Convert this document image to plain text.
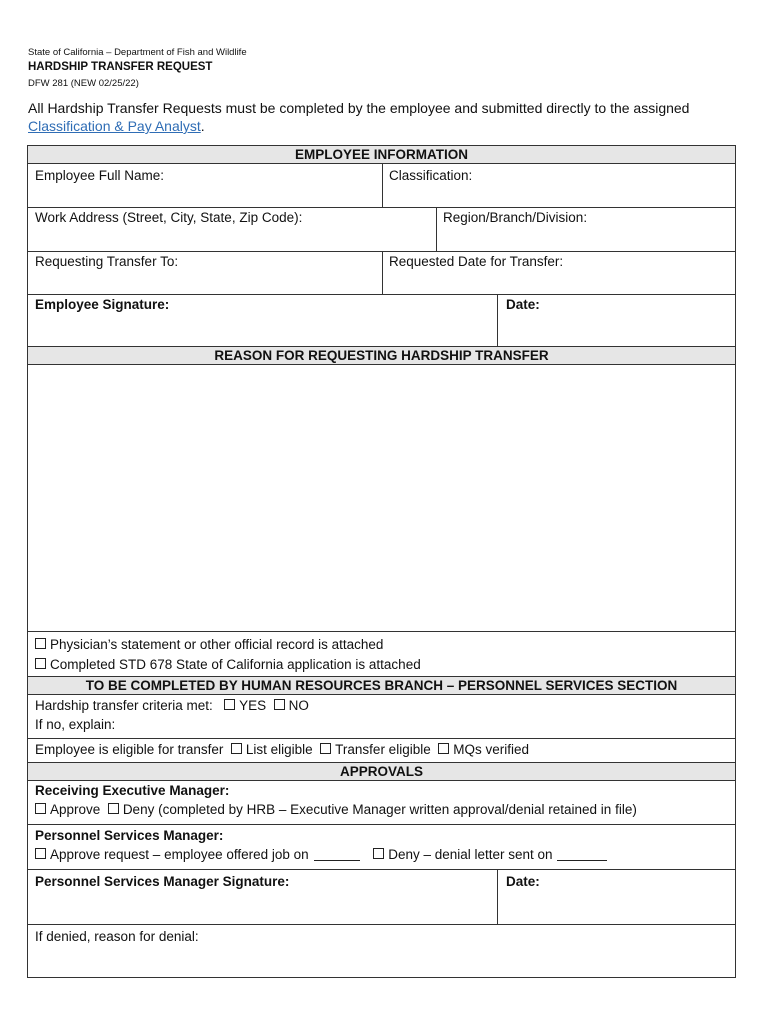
State of California – Department of Fish and Wildlife
HARDSHIP TRANSFER REQUEST
DFW 281 (NEW 02/25/22)
All Hardship Transfer Requests must be completed by the employee and submitted directly to the assigned Classification & Pay Analyst.
EMPLOYEE INFORMATION
Employee Full Name:	Classification:
Work Address (Street, City, State, Zip Code):	Region/Branch/Division:
Requesting Transfer To:	Requested Date for Transfer:
Employee Signature:	Date:
REASON FOR REQUESTING HARDSHIP TRANSFER
Physician’s statement or other official record is attached
Completed STD 678 State of California application is attached
TO BE COMPLETED BY HUMAN RESOURCES BRANCH – PERSONNEL SERVICES SECTION
Hardship transfer criteria met: YES NO
If no, explain:
Employee is eligible for transfer List eligible Transfer eligible MQs verified
APPROVALS
Receiving Executive Manager:
Approve Deny (completed by HRB – Executive Manager written approval/denial retained in file)
Personnel Services Manager:
Approve request – employee offered job on	Deny – denial letter sent on
Personnel Services Manager Signature:	Date:
If denied, reason for denial:
